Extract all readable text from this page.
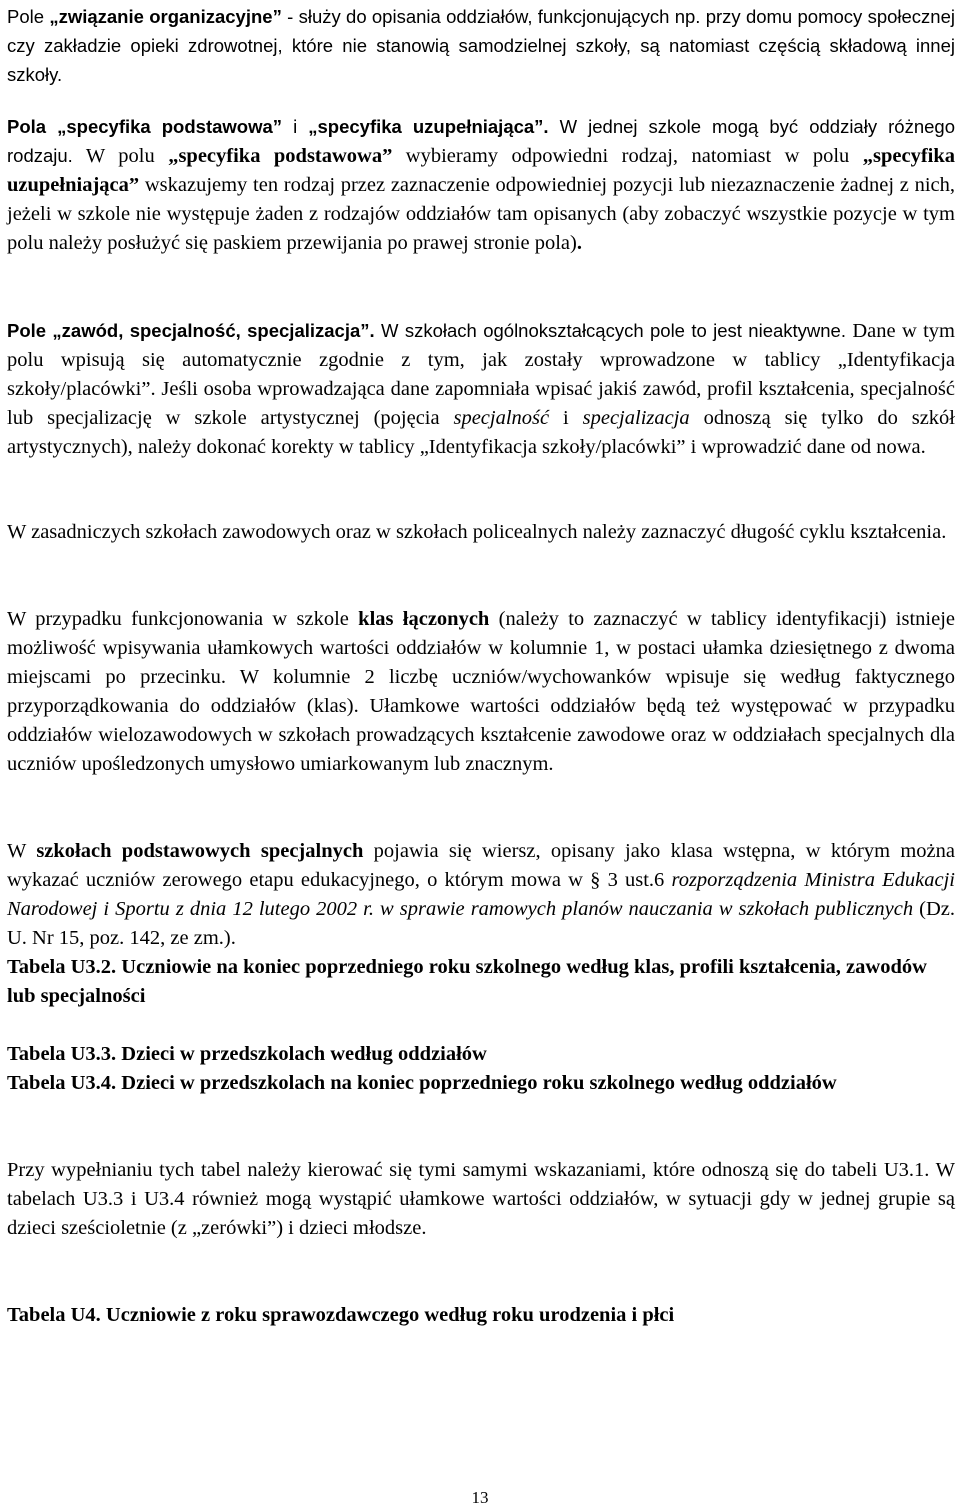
Pole „związanie organizacyjne” - służy do opisania oddziałów, funkcjonujących np. przy domu pomocy społecznej czy zakładzie opieki zdrowotnej, które nie stanowią samodzielnej szkoły, są natomiast częścią składową innej szkoły.

Pola „specyfika podstawowa” i „specyfika uzupełniająca”. W jednej szkole mogą być oddziały różnego rodzaju. W polu „specyfika podstawowa” wybieramy odpowiedni rodzaj, natomiast w polu „specyfika uzupełniająca” wskazujemy ten rodzaj przez zaznaczenie odpowiedniej pozycji lub niezaznaczenie żadnej z nich, jeżeli w szkole nie występuje żaden z rodzajów oddziałów tam opisanych (aby zobaczyć wszystkie pozycje w tym polu należy posłużyć się paskiem przewijania po prawej stronie pola).

Pole „zawód, specjalność, specjalizacja”. W szkołach ogólnokształcących pole to jest nieaktywne. Dane w tym polu wpisują się automatycznie zgodnie z tym, jak zostały wprowadzone w tablicy „Identyfikacja szkoły/placówki”. Jeśli osoba wprowadzająca dane zapomniała wpisać jakiś zawód, profil kształcenia, specjalność lub specjalizację w szkole artystycznej (pojęcia specjalność i specjalizacja odnoszą się tylko do szkół artystycznych), należy dokonać korekty w tablicy „Identyfikacja szkoły/placówki” i wprowadzić dane od nowa.

W zasadniczych szkołach zawodowych oraz w szkołach policealnych należy zaznaczyć długość cyklu kształcenia.

W przypadku funkcjonowania w szkole klas łączonych (należy to zaznaczyć w tablicy identyfikacji) istnieje możliwość wpisywania ułamkowych wartości oddziałów w kolumnie 1, w postaci ułamka dziesiętnego z dwoma miejscami po przecinku. W kolumnie 2 liczbę uczniów/wychowanków wpisuje się według faktycznego przyporządkowania do oddziałów (klas). Ułamkowe wartości oddziałów będą też występować w przypadku oddziałów wielozawodowych w szkołach prowadzących kształcenie zawodowe oraz w oddziałach specjalnych dla uczniów upośledzonych umysłowo umiarkowanym lub znacznym.

W szkołach podstawowych specjalnych pojawia się wiersz, opisany jako klasa wstępna, w którym można wykazać uczniów zerowego etapu edukacyjnego, o którym mowa w § 3 ust.6 rozporządzenia Ministra Edukacji Narodowej i Sportu z dnia 12 lutego 2002 r. w sprawie ramowych planów nauczania w szkołach publicznych (Dz. U. Nr 15, poz. 142, ze zm.).

Tabela U3.2. Uczniowie na koniec poprzedniego roku szkolnego według klas, profili kształcenia, zawodów lub specjalności
Tabela U3.3. Dzieci w przedszkolach według oddziałów
Tabela U3.4. Dzieci w przedszkolach na koniec poprzedniego roku szkolnego według oddziałów

Przy wypełnianiu tych tabel należy kierować się tymi samymi wskazaniami, które odnoszą się do tabeli U3.1. W tabelach U3.3 i U3.4 również mogą wystąpić ułamkowe wartości oddziałów, w sytuacji gdy w jednej grupie są dzieci sześcioletnie (z „zerówki”) i dzieci młodsze.

Tabela U4. Uczniowie z roku sprawozdawczego według roku urodzenia i płci
13
